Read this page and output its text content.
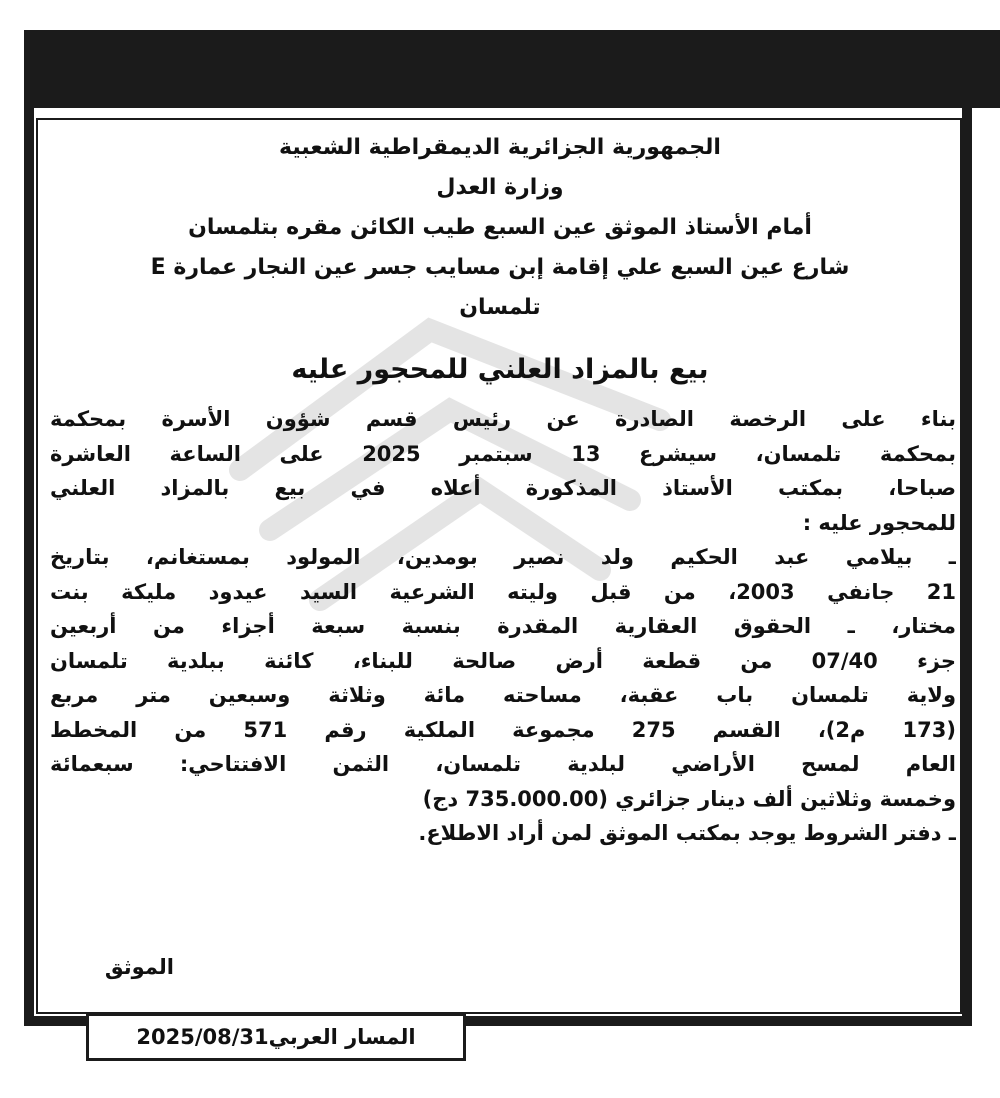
الجمهورية الجزائرية الديمقراطية الشعبية
وزارة العدل
أمام الأستاذ الموثق عين السبع طيب الكائن مقره بتلمسان
شارع عين السبع علي إقامة إبن مسايب جسر عين النجار عمارة E
تلمسان
بيع بالمزاد العلني للمحجور عليه
بناء على الرخصة الصادرة عن رئيس قسم شؤون الأسرة بمحكمة
بمحكمة تلمسان، سيشرع 13 سبتمبر 2025 على الساعة العاشرة
صباحا، بمكتب الأستاذ المذكورة أعلاه في بيع بالمزاد العلني
للمحجور عليه :
ـ بيلامي عبد الحكيم ولد نصير بومدين، المولود بمستغانم، بتاريخ
21 جانفي 2003، من قبل وليته الشرعية السيد عيدود مليكة بنت
مختار، ـ الحقوق العقارية المقدرة بنسبة سبعة أجزاء من أربعين
جزء 07/40 من قطعة أرض صالحة للبناء، كائنة ببلدية تلمسان
ولاية تلمسان باب عقبة، مساحته مائة وثلاثة وسبعين متر مربع
(173 م2)، القسم 275 مجموعة الملكية رقم 571 من المخطط
العام لمسح الأراضي لبلدية تلمسان، الثمن الافتتاحي: سبعمائة
وخمسة وثلاثين ألف دينار جزائري (735.000.00 دج)
ـ دفتر الشروط يوجد بمكتب الموثق لمن أراد الاطلاع.
الموثق
المسار العربي
2025/08/31
